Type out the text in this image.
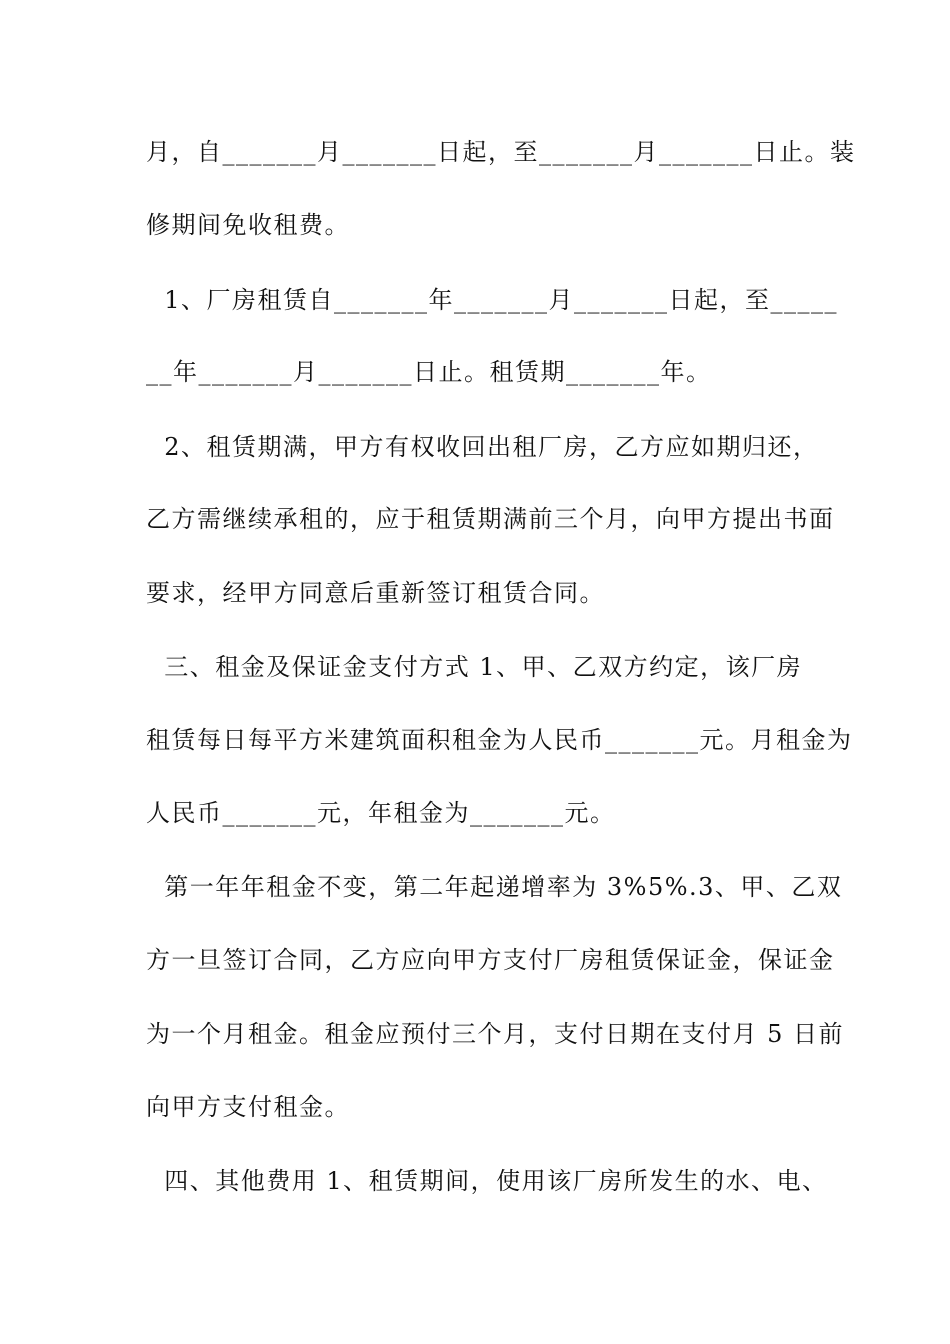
月，自_______月_______日起，至_______月_______日止。装
修期间免收租费。
1、厂房租赁自_______年_______月_______日起，至_____
__年_______月_______日止。租赁期_______年。
2、租赁期满，甲方有权收回出租厂房，乙方应如期归还，
乙方需继续承租的，应于租赁期满前三个月，向甲方提出书面
要求，经甲方同意后重新签订租赁合同。
三、租金及保证金支付方式 1、甲、乙双方约定，该厂房
租赁每日每平方米建筑面积租金为人民币_______元。月租金为
人民币_______元，年租金为_______元。
第一年年租金不变，第二年起递增率为 3%5%.3、甲、乙双
方一旦签订合同，乙方应向甲方支付厂房租赁保证金，保证金
为一个月租金。租金应预付三个月，支付日期在支付月 5 日前
向甲方支付租金。
四、其他费用 1、租赁期间，使用该厂房所发生的水、电、
